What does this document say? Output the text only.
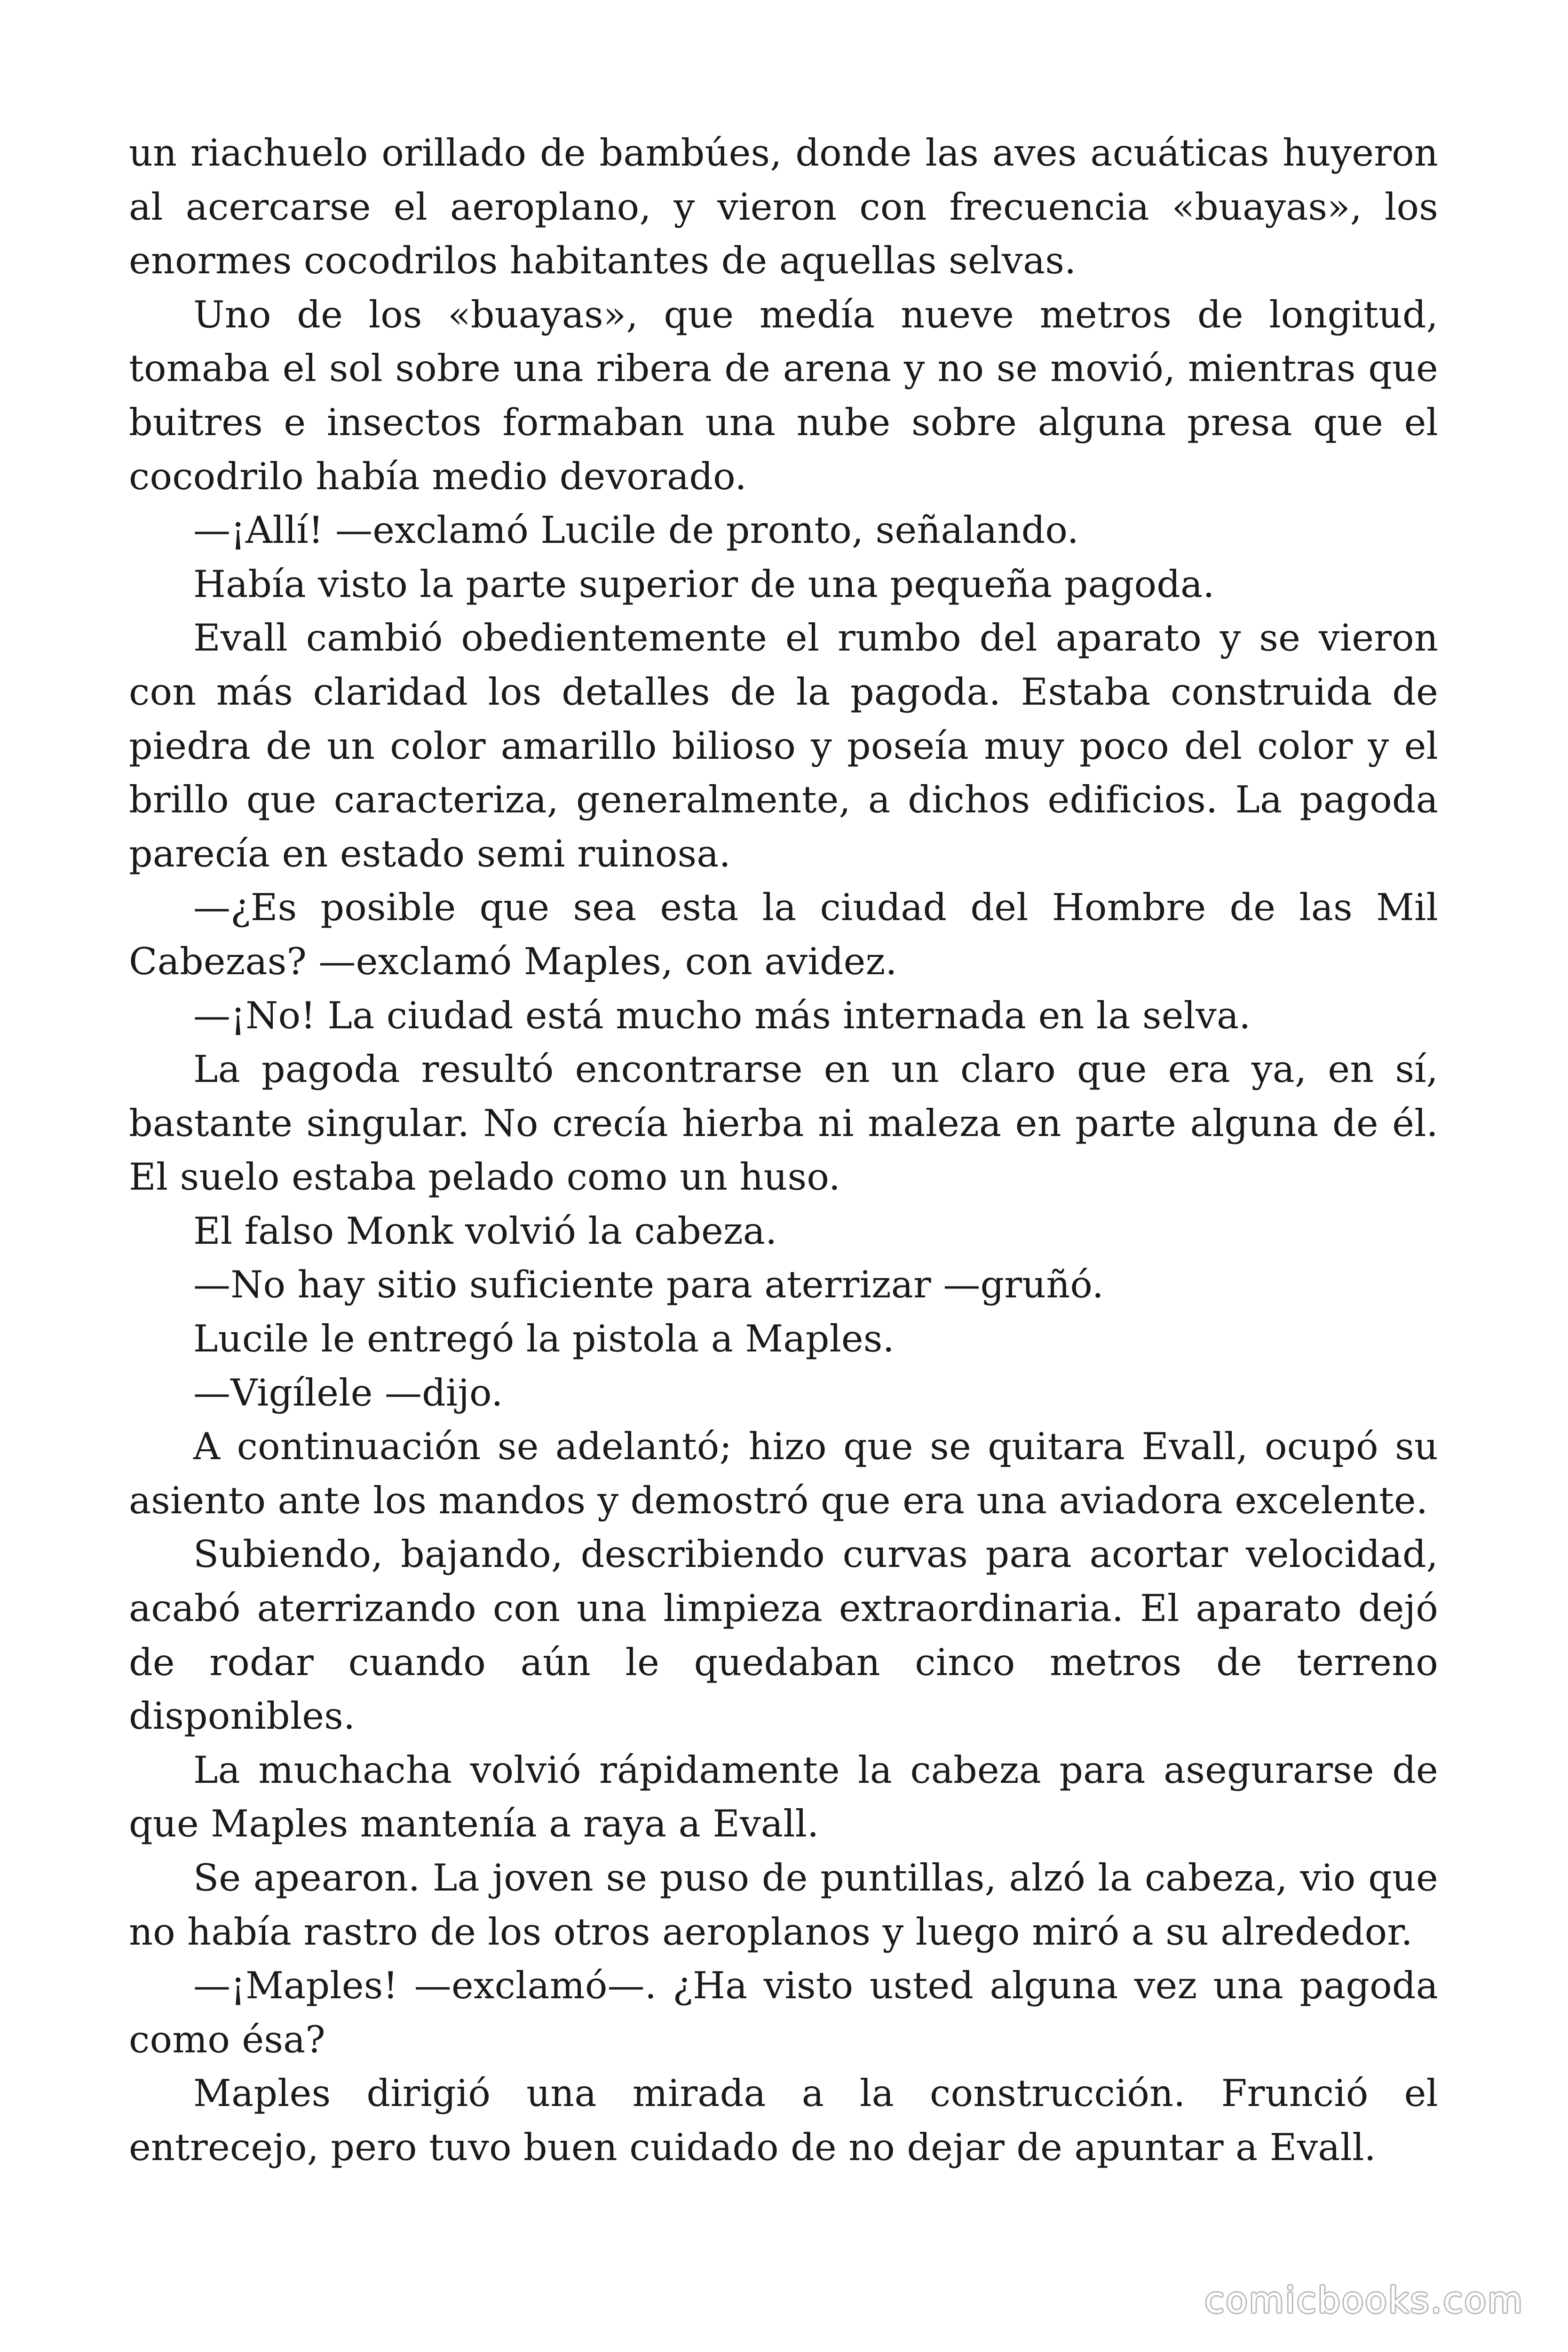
un riachuelo orillado de bambúes, donde las aves acuáticas huyeron al acercarse el aeroplano, y vieron con frecuencia «buayas», los enormes cocodrilos habitantes de aquellas selvas.

Uno de los «buayas», que medía nueve metros de longitud, tomaba el sol sobre una ribera de arena y no se movió, mientras que buitres e insectos formaban una nube sobre alguna presa que el cocodrilo había medio devorado.

—¡Allí! —exclamó Lucile de pronto, señalando.

Había visto la parte superior de una pequeña pagoda.

Evall cambió obedientemente el rumbo del aparato y se vieron con más claridad los detalles de la pagoda. Estaba construida de piedra de un color amarillo bilioso y poseía muy poco del color y el brillo que caracteriza, generalmente, a dichos edificios. La pagoda parecía en estado semi ruinosa.

—¿Es posible que sea esta la ciudad del Hombre de las Mil Cabezas? —exclamó Maples, con avidez.

—¡No! La ciudad está mucho más internada en la selva.

La pagoda resultó encontrarse en un claro que era ya, en sí, bastante singular. No crecía hierba ni maleza en parte alguna de él. El suelo estaba pelado como un huso.

El falso Monk volvió la cabeza.

—No hay sitio suficiente para aterrizar —gruñó.

Lucile le entregó la pistola a Maples.

—Vigílele —dijo.

A continuación se adelantó; hizo que se quitara Evall, ocupó su asiento ante los mandos y demostró que era una aviadora excelente.

Subiendo, bajando, describiendo curvas para acortar velocidad, acabó aterrizando con una limpieza extraordinaria. El aparato dejó de rodar cuando aún le quedaban cinco metros de terreno disponibles.

La muchacha volvió rápidamente la cabeza para asegurarse de que Maples mantenía a raya a Evall.

Se apearon. La joven se puso de puntillas, alzó la cabeza, vio que no había rastro de los otros aeroplanos y luego miró a su alrededor.

—¡Maples! —exclamó—. ¿Ha visto usted alguna vez una pagoda como ésa?

Maples dirigió una mirada a la construcción. Frunció el entrecejo, pero tuvo buen cuidado de no dejar de apuntar a Evall.

comicbooks.com
